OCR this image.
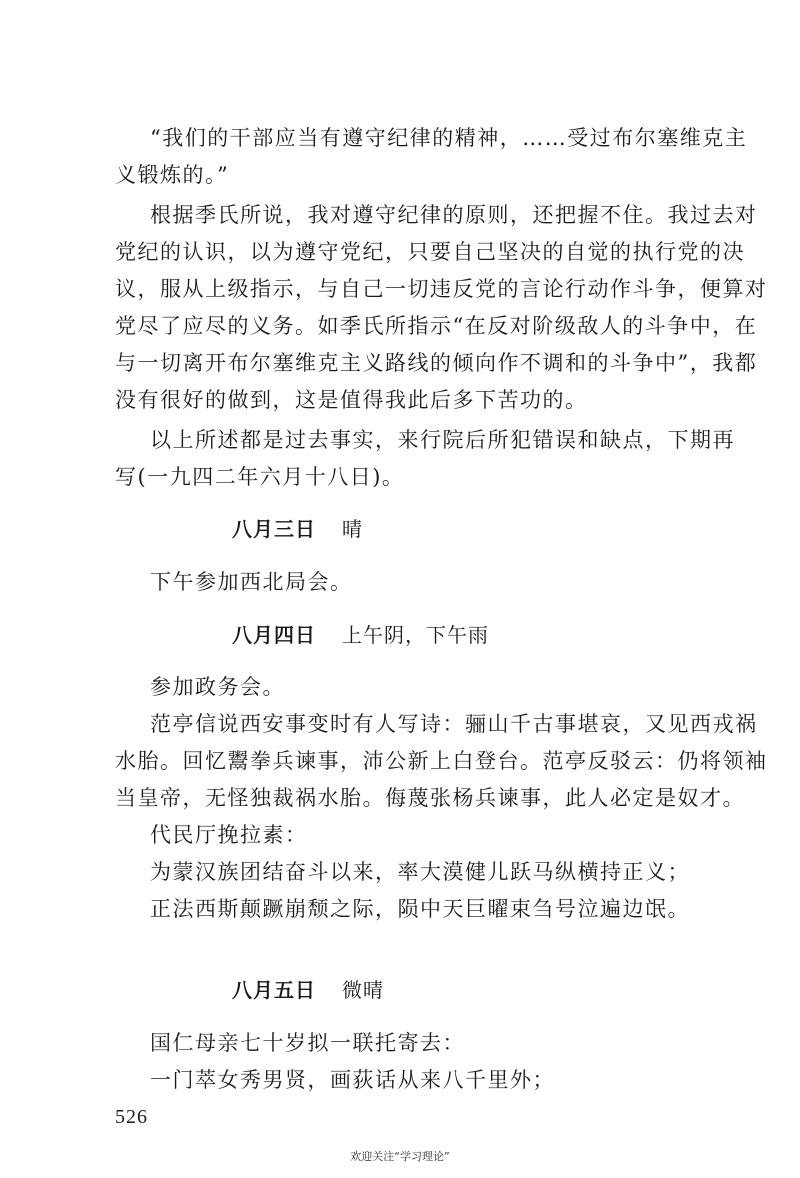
“我们的干部应当有遵守纪律的精神，……受过布尔塞维克主
义锻炼的。”
根据季氏所说，我对遵守纪律的原则，还把握不住。我过去对
党纪的认识，以为遵守党纪，只要自己坚决的自觉的执行党的决
议，服从上级指示，与自己一切违反党的言论行动作斗争，便算对
党尽了应尽的义务。如季氏所指示“在反对阶级敌人的斗争中，在
与一切离开布尔塞维克主义路线的倾向作不调和的斗争中”，我都
没有很好的做到，这是值得我此后多下苦功的。
以上所述都是过去事实，来行院后所犯错误和缺点，下期再
写(一九四二年六月十八日)。
八月三日 晴
下午参加西北局会。
八月四日 上午阴，下午雨
参加政务会。
范亭信说西安事变时有人写诗：骊山千古事堪哀，又见西戎祸
水胎。回忆鬻拳兵谏事，沛公新上白登台。范亭反驳云：仍将领袖
当皇帝，无怪独裁祸水胎。侮蔑张杨兵谏事，此人必定是奴才。
代民厅挽拉素：
为蒙汉族团结奋斗以来，率大漠健儿跃马纵横持正义；
正法西斯颠蹶崩颓之际，陨中天巨曜束刍号泣遍边氓。
八月五日 微晴
国仁母亲七十岁拟一联托寄去：
一门萃女秀男贤，画荻话从来八千里外；
526
欢迎关注“学习理论”
